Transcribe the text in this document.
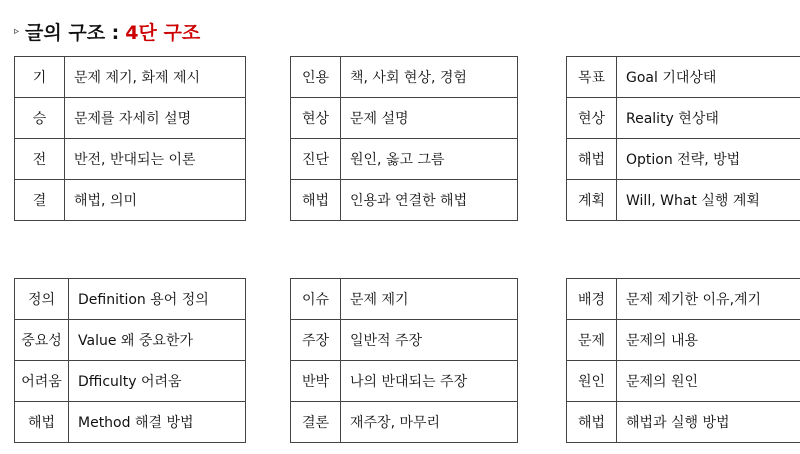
▹ 글의 구조 : 4단 구조
기	문제 제기, 화제 제시
승	문제를 자세히 설명
전	반전, 반대되는 이론
결	해법, 의미
인용	책, 사회 현상, 경험
현상	문제 설명
진단	원인, 옳고 그름
해법	인용과 연결한 해법
목표	Goal 기대상태
현상	Reality 현상태
해법	Option 전략, 방법
계획	Will, What 실행 계획
정의	Definition 용어 정의
중요성	Value 왜 중요한가
어려움	Dfficulty 어려움
해법	Method 해결 방법
이슈	문제 제기
주장	일반적 주장
반박	나의 반대되는 주장
결론	재주장, 마무리
배경	문제 제기한 이유,계기
문제	문제의 내용
원인	문제의 원인
해법	해법과 실행 방법
